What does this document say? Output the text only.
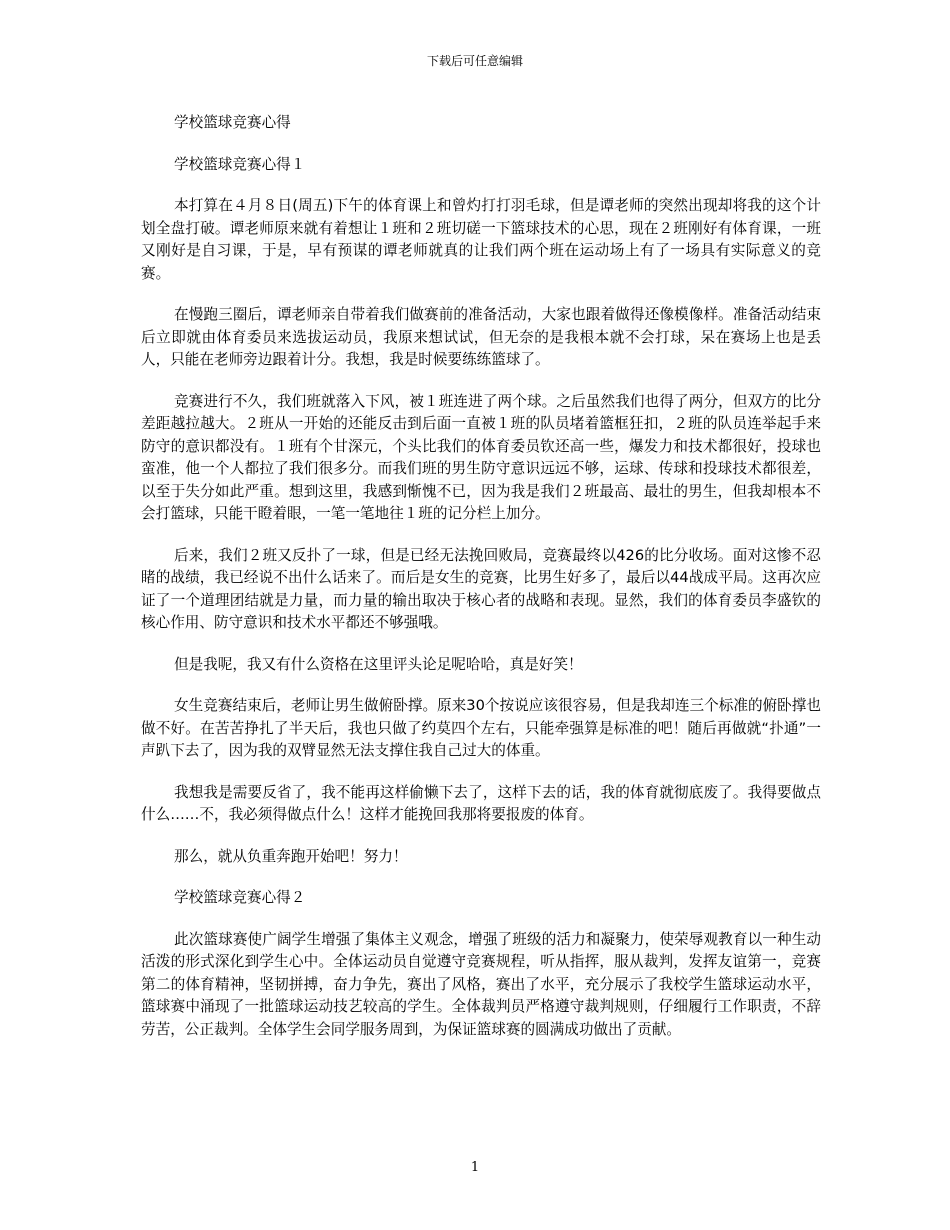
下载后可任意编辑

学校篮球竞赛心得

学校篮球竞赛心得１

本打算在４月８日(周五)下午的体育课上和曾灼打打羽毛球，但是谭老师的突然出现却将我的这个计划全盘打破。谭老师原来就有着想让１班和２班切磋一下篮球技术的心思，现在２班刚好有体育课，一班又刚好是自习课，于是，早有预谋的谭老师就真的让我们两个班在运动场上有了一场具有实际意义的竞赛。

在慢跑三圈后，谭老师亲自带着我们做赛前的准备活动，大家也跟着做得还像模像样。准备活动结束后立即就由体育委员来选拔运动员，我原来想试试，但无奈的是我根本就不会打球，呆在赛场上也是丢人，只能在老师旁边跟着计分。我想，我是时候要练练篮球了。

竞赛进行不久，我们班就落入下风，被１班连进了两个球。之后虽然我们也得了两分，但双方的比分差距越拉越大。２班从一开始的还能反击到后面一直被１班的队员堵着篮框狂扣，２班的队员连举起手来防守的意识都没有。１班有个甘深元，个头比我们的体育委员钦还高一些，爆发力和技术都很好，投球也蛮准，他一个人都拉了我们很多分。而我们班的男生防守意识远远不够，运球、传球和投球技术都很差，以至于失分如此严重。想到这里，我感到惭愧不已，因为我是我们２班最高、最壮的男生，但我却根本不会打篮球，只能干瞪着眼，一笔一笔地往１班的记分栏上加分。

后来，我们２班又反扑了一球，但是已经无法挽回败局，竞赛最终以426的比分收场。面对这惨不忍睹的战绩，我已经说不出什么话来了。而后是女生的竞赛，比男生好多了，最后以44战成平局。这再次应证了一个道理团结就是力量，而力量的输出取决于核心者的战略和表现。显然，我们的体育委员李盛钦的核心作用、防守意识和技术水平都还不够强哦。

但是我呢，我又有什么资格在这里评头论足呢哈哈，真是好笑！

女生竞赛结束后，老师让男生做俯卧撑。原来30个按说应该很容易，但是我却连三个标准的俯卧撑也做不好。在苦苦挣扎了半天后，我也只做了约莫四个左右，只能牵强算是标准的吧！随后再做就“扑通”一声趴下去了，因为我的双臂显然无法支撑住我自己过大的体重。

我想我是需要反省了，我不能再这样偷懒下去了，这样下去的话，我的体育就彻底废了。我得要做点什么……不，我必须得做点什么！这样才能挽回我那将要报废的体育。

那么，就从负重奔跑开始吧！努力！

学校篮球竞赛心得２

此次篮球赛使广阔学生增强了集体主义观念，增强了班级的活力和凝聚力，使荣辱观教育以一种生动活泼的形式深化到学生心中。全体运动员自觉遵守竞赛规程，听从指挥，服从裁判，发挥友谊第一，竞赛第二的体育精神，坚韧拼搏，奋力争先，赛出了风格，赛出了水平，充分展示了我校学生篮球运动水平，篮球赛中涌现了一批篮球运动技艺较高的学生。全体裁判员严格遵守裁判规则，仔细履行工作职责，不辞劳苦，公正裁判。全体学生会同学服务周到，为保证篮球赛的圆满成功做出了贡献。

1
